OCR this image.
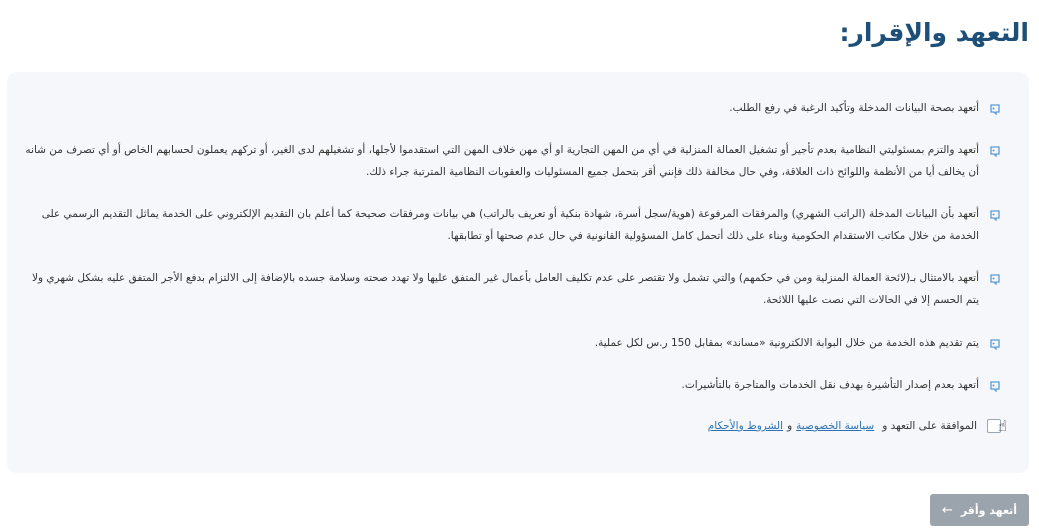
التعهد والإقرار:
أتعهد بصحة البيانات المدخلة وتأكيد الرغبة في رفع الطلب.
أتعهد والتزم بمسئوليتي النظامية بعدم تأجير أو تشغيل العمالة المنزلية في أي من المهن التجارية او أي مهن خلاف المهن التي استقدموا لأجلها، أو تشغيلهم لدى الغير، أو تركهم يعملون لحسابهم الخاص أو أي تصرف من شانه أن يخالف أيا من الأنظمة واللوائح ذات العلاقة، وفي حال مخالفة ذلك فإنني أقر بتحمل جميع المسئوليات والعقوبات النظامية المترتبة جراء ذلك.
أتعهد بأن البيانات المدخلة (الراتب الشهري) والمرفقات المرفوعة (هوية/سجل أسرة، شهادة بنكية أو تعريف بالراتب) هي بيانات ومرفقات صحيحة كما أعلم بان التقديم الإلكتروني على الخدمة يماثل التقديم الرسمي على الخدمة من خلال مكاتب الاستقدام الحكومية وبناء على ذلك أتحمل كامل المسؤولية القانونية في حال عدم صحتها أو تطابقها.
أتعهد بالامتثال بـ(لائحة العمالة المنزلية ومن في حكمهم) والتي تشمل ولا تقتصر على عدم تكليف العامل بأعمال غير المتفق عليها ولا تهدد صحته وسلامة جسده بالإضافة إلى الالتزام بدفع الأجر المتفق عليه بشكل شهري ولا يتم الحسم إلا في الحالات التي نصت عليها اللائحة.
يتم تقديم هذه الخدمة من خلال البوابة الالكترونية «مساند» بمقابل 150 ر.س لكل عملية.
أتعهد بعدم إصدار التأشيرة بهدف نقل الخدمات والمتاجرة بالتأشيرات.
☝
الموافقة على التعهد و
سياسة الخصوصية
و
الشروط والأحكام
أتعهد وأقر
←
